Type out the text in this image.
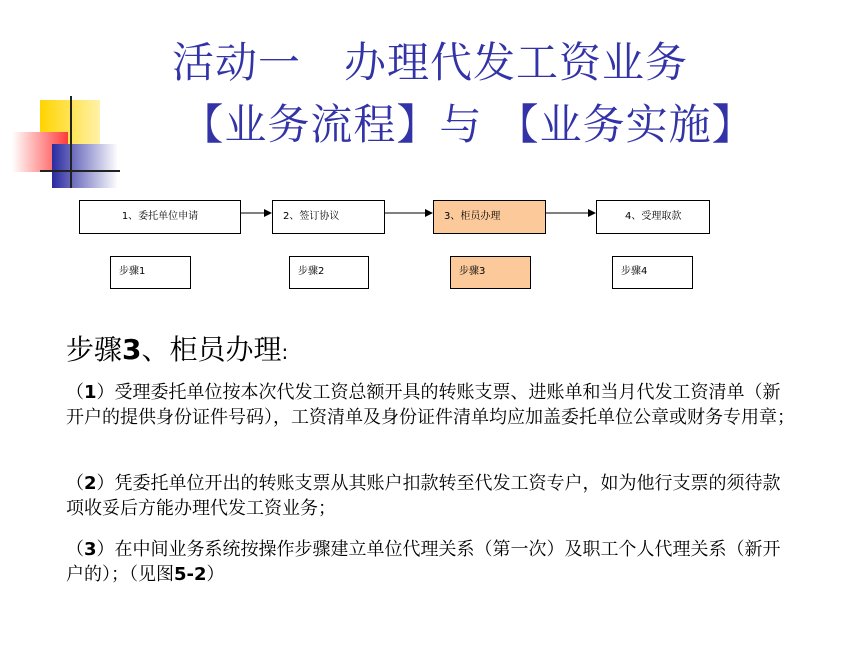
活动一　办理代发工资业务
【业务流程】与 【业务实施】
1、委托单位申请	2、签订协议	3、柜员办理	4、受理取款
步骤1	步骤2	步骤3	步骤4
步骤3、柜员办理:
（1）受理委托单位按本次代发工资总额开具的转账支票、进账单和当月代发工资清单（新开户的提供身份证件号码），工资清单及身份证件清单均应加盖委托单位公章或财务专用章；
（2）凭委托单位开出的转账支票从其账户扣款转至代发工资专户，如为他行支票的须待款项收妥后方能办理代发工资业务；
（3）在中间业务系统按操作步骤建立单位代理关系（第一次）及职工个人代理关系（新开户的）；（见图5-2）
